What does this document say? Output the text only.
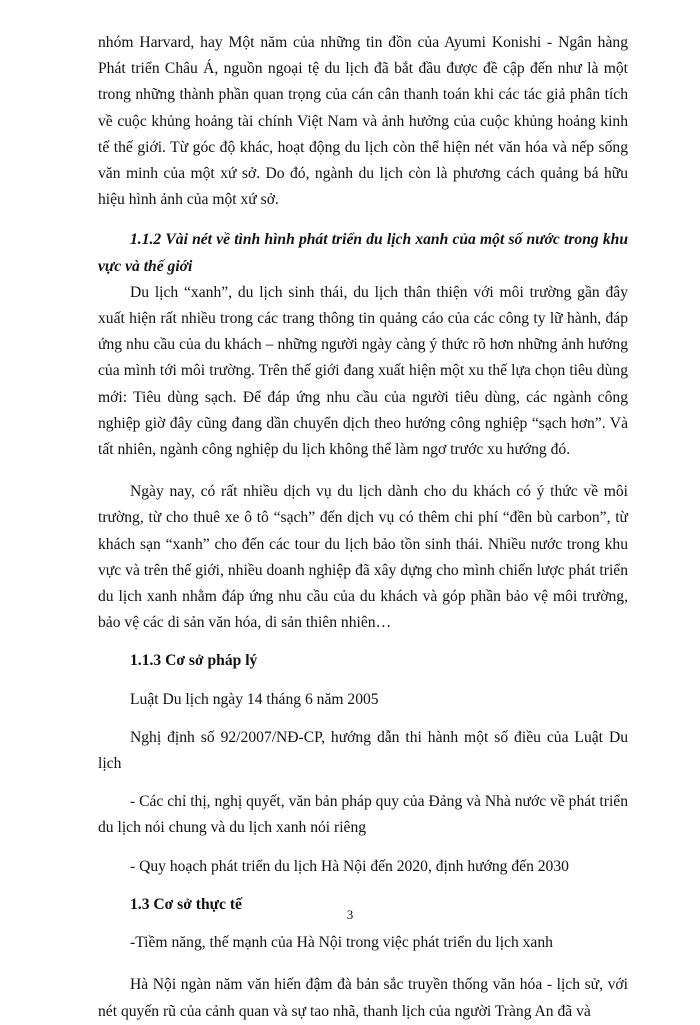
nhóm Harvard, hay Một năm của những tin đồn của Ayumi Konishi - Ngân hàng Phát triển Châu Á, nguồn ngoại tệ du lịch đã bắt đầu được đề cập đến như là một trong những thành phần quan trọng của cán cân thanh toán khi các tác giả phân tích về cuộc khủng hoảng tài chính Việt Nam và ảnh hưởng của cuộc khủng hoảng kinh tế thế giới. Từ góc độ khác, hoạt động du lịch còn thể hiện nét văn hóa và nếp sống văn minh của một xứ sở. Do đó, ngành du lịch còn là phương cách quảng bá hữu hiệu hình ảnh của một xứ sở.

1.1.2 Vài nét về tình hình phát triển du lịch xanh của một số nước trong khu vực và thế giới

Du lịch “xanh”, du lịch sinh thái, du lịch thân thiện với môi trường gần đây xuất hiện rất nhiều trong các trang thông tin quảng cáo của các công ty lữ hành, đáp ứng nhu cầu của du khách – những người ngày càng ý thức rõ hơn những ảnh hưởng của mình tới môi trường. Trên thế giới đang xuất hiện một xu thế lựa chọn tiêu dùng mới: Tiêu dùng sạch. Để đáp ứng nhu cầu của người tiêu dùng, các ngành công nghiệp giờ đây cũng đang dần chuyển dịch theo hướng công nghiệp “sạch hơn”. Và tất nhiên, ngành công nghiệp du lịch không thể làm ngơ trước xu hướng đó.

Ngày nay, có rất nhiều dịch vụ du lịch dành cho du khách có ý thức về môi trường, từ cho thuê xe ô tô “sạch” đến dịch vụ có thêm chi phí “đền bù carbon”, từ khách sạn “xanh” cho đến các tour du lịch bảo tồn sinh thái. Nhiều nước trong khu vực và trên thế giới, nhiều doanh nghiệp đã xây dựng cho mình chiến lược phát triển du lịch xanh nhằm đáp ứng nhu cầu của du khách và góp phần bảo vệ môi trường, bảo vệ các di sản văn hóa, di sản thiên nhiên…

1.1.3 Cơ sở pháp lý

Luật Du lịch ngày 14 tháng 6 năm 2005

Nghị định số 92/2007/NĐ-CP, hướng dẫn thi hành một số điều của Luật Du lịch

- Các chỉ thị, nghị quyết, văn bản pháp quy của Đảng và Nhà nước về phát triển du lịch nói chung và du lịch xanh nói riêng

- Quy hoạch phát triển du lịch Hà Nội đến 2020, định hướng đến 2030

1.3 Cơ sở thực tế

-Tiềm năng, thế mạnh của Hà Nội trong việc phát triển du lịch xanh

Hà Nội ngàn năm văn hiến đậm đà bản sắc truyền thống văn hóa - lịch sử, với nét quyến rũ của cảnh quan và sự tao nhã, thanh lịch của người Tràng An đã và

3
